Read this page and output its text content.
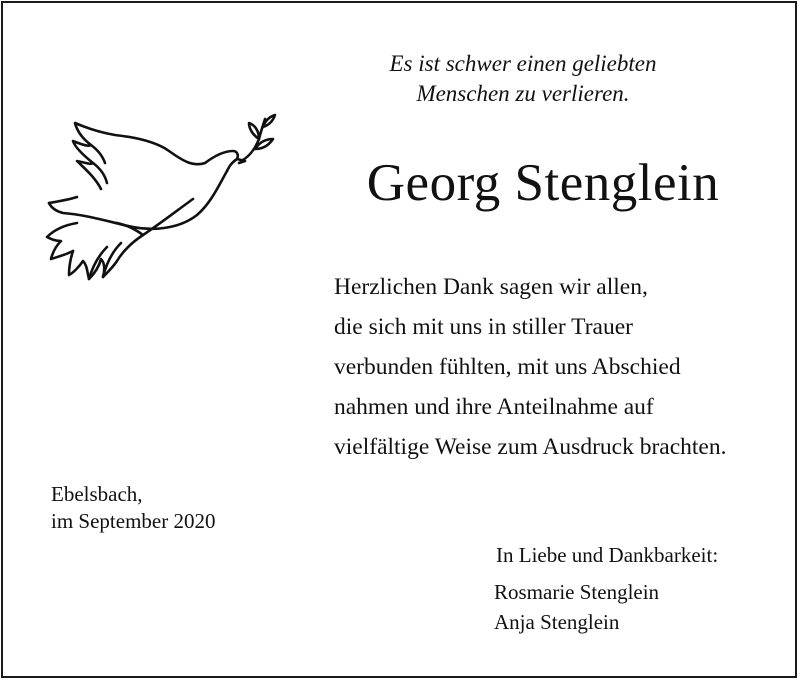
Es ist schwer einen geliebten
Menschen zu verlieren.
Georg Stenglein
Herzlichen Dank sagen wir allen,
die sich mit uns in stiller Trauer
verbunden fühlten, mit uns Abschied
nahmen und ihre Anteilnahme auf
vielfältige Weise zum Ausdruck brachten.
Ebelsbach,
im September 2020
In Liebe und Dankbarkeit:
Rosmarie Stenglein
Anja Stenglein
